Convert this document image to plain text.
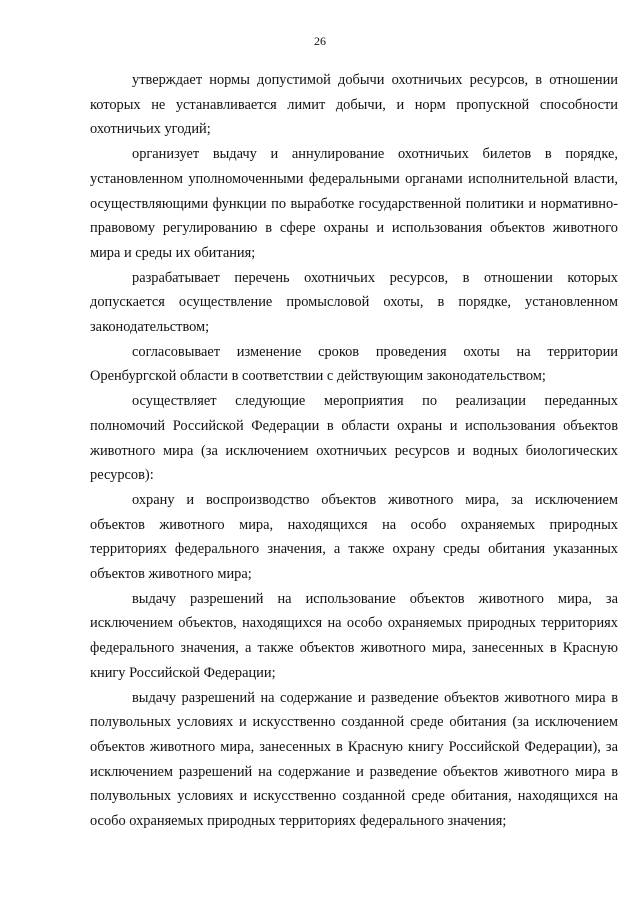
26

утверждает нормы допустимой добычи охотничьих ресурсов, в отношении которых не устанавливается лимит добычи, и норм пропускной способности охотничьих угодий;

организует выдачу и аннулирование охотничьих билетов в порядке, установленном уполномоченными федеральными органами исполнительной власти, осуществляющими функции по выработке государственной политики и нормативно-правовому регулированию в сфере охраны и использования объектов животного мира и среды их обитания;

разрабатывает перечень охотничьих ресурсов, в отношении которых допускается осуществление промысловой охоты, в порядке, установленном законодательством;

согласовывает изменение сроков проведения охоты на территории Оренбургской области в соответствии с действующим законодательством;

осуществляет следующие мероприятия по реализации переданных полномочий Российской Федерации в области охраны и использования объектов животного мира (за исключением охотничьих ресурсов и водных биологических ресурсов):

охрану и воспроизводство объектов животного мира, за исключением объектов животного мира, находящихся на особо охраняемых природных территориях федерального значения, а также охрану среды обитания указанных объектов животного мира;

выдачу разрешений на использование объектов животного мира, за исключением объектов, находящихся на особо охраняемых природных территориях федерального значения, а также объектов животного мира, занесенных в Красную книгу Российской Федерации;

выдачу разрешений на содержание и разведение объектов животного мира в полувольных условиях и искусственно созданной среде обитания (за исключением объектов животного мира, занесенных в Красную книгу Российской Федерации), за исключением разрешений на содержание и разведение объектов животного мира в полувольных условиях и искусственно созданной среде обитания, находящихся на особо охраняемых природных территориях федерального значения;
